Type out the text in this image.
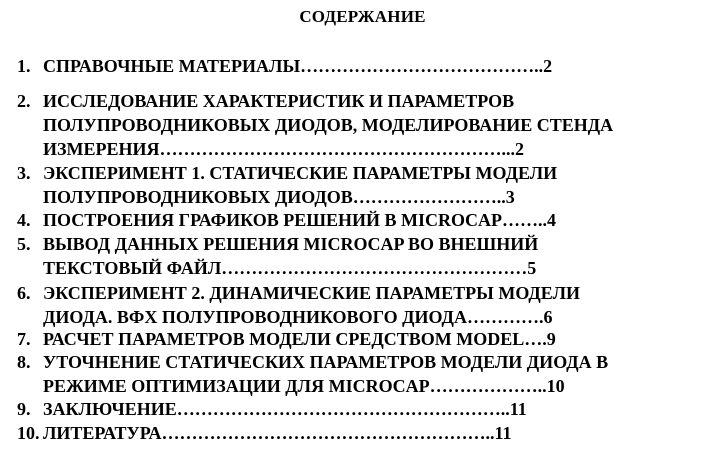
СОДЕРЖАНИЕ
1. СПРАВОЧНЫЕ МАТЕРИАЛЫ…………………………………..2
2. ИССЛЕДОВАНИЕ ХАРАКТЕРИСТИК И ПАРАМЕТРОВ
ПОЛУПРОВОДНИКОВЫХ ДИОДОВ, МОДЕЛИРОВАНИЕ СТЕНДА
ИЗМЕРЕНИЯ…………………………………………………...2
3. ЭКСПЕРИМЕНТ 1. СТАТИЧЕСКИЕ ПАРАМЕТРЫ МОДЕЛИ
ПОЛУПРОВОДНИКОВЫХ ДИОДОВ……………………..3
4. ПОСТРОЕНИЯ ГРАФИКОВ РЕШЕНИЙ В MICROCAP……..4
5. ВЫВОД ДАННЫХ РЕШЕНИЯ MICROCAP ВО ВНЕШНИЙ
ТЕКСТОВЫЙ ФАЙЛ……………………………………………5
6. ЭКСПЕРИМЕНТ 2. ДИНАМИЧЕСКИЕ ПАРАМЕТРЫ МОДЕЛИ
ДИОДА. ВФХ ПОЛУПРОВОДНИКОВОГО ДИОДА………….6
7. РАСЧЕТ ПАРАМЕТРОВ МОДЕЛИ СРЕДСТВОМ MODEL….9
8. УТОЧНЕНИЕ СТАТИЧЕСКИХ ПАРАМЕТРОВ МОДЕЛИ ДИОДА В
РЕЖИМЕ ОПТИМИЗАЦИИ ДЛЯ MICROCAP………………..10
9. ЗАКЛЮЧЕНИЕ………………………………………………..11
10. ЛИТЕРАТУРА………………………………………………..11
